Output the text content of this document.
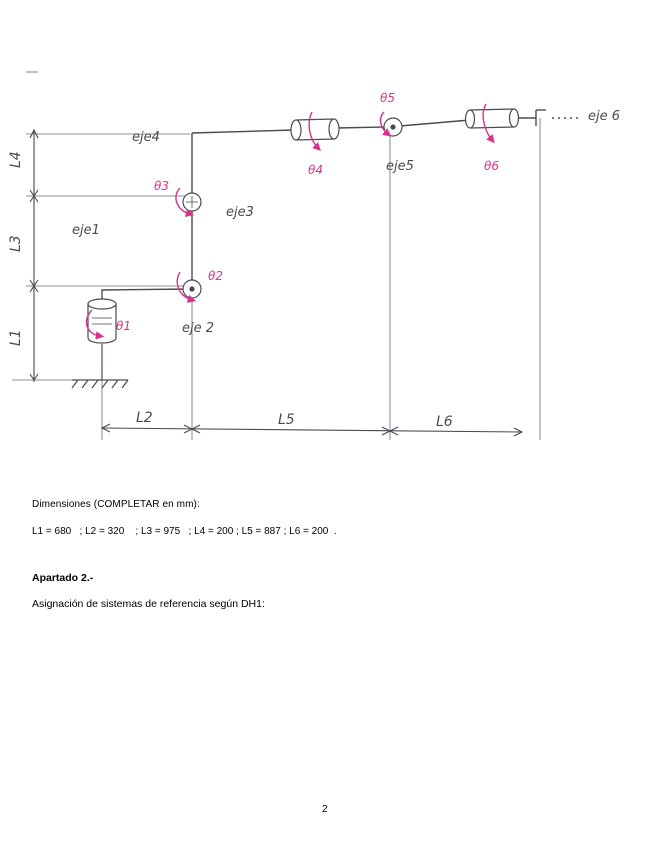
eje1
eje 2
eje3
eje4
eje5
eje 6
θ1
θ2
θ3
θ4
θ5
θ6
L4
L3
L1
L2	L5	L6
Dimensiones (COMPLETAR en mm):
L1 = 680   ; L2 = 320    ; L3 = 975   ; L4 = 200 ; L5 = 887 ; L6 = 200  .
Apartado 2.-
Asignación de sistemas de referencia según DH1:
2
